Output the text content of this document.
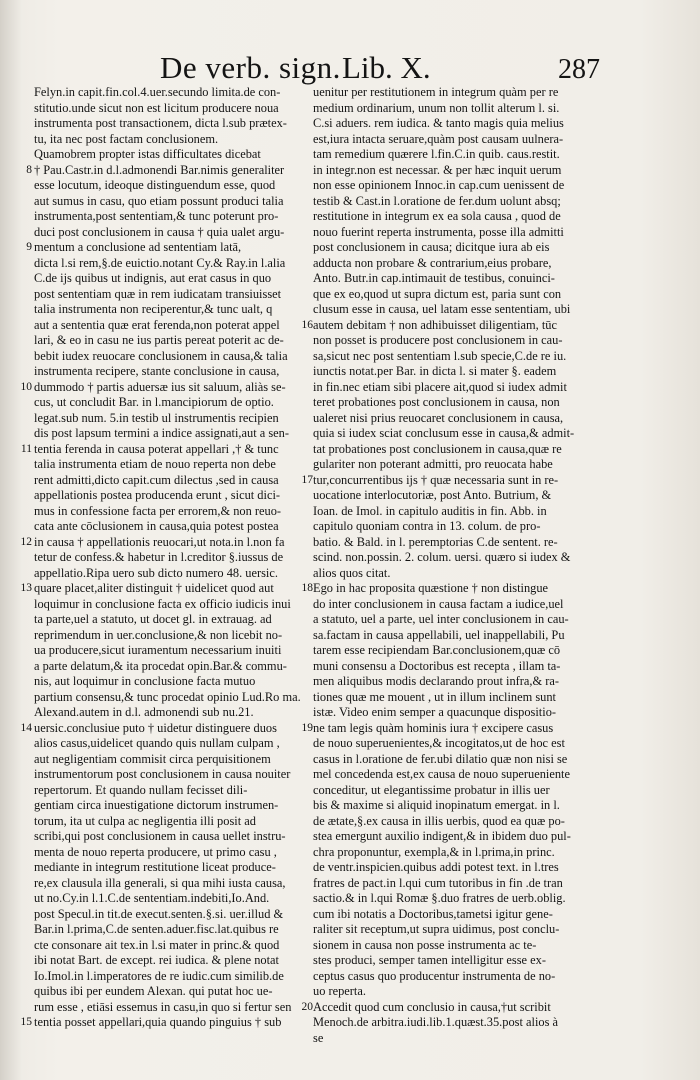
De verb. sign. Lib. X.	287
Felyn.in capit.fin.col.4.uer.secundo limita.de con-
stitutio.unde sicut non est licitum producere noua
instrumenta post transactionem, dicta l.sub prætex-
tu, ita nec post factam conclusionem.
Quamobrem propter istas difficultates dicebat
8 † Pau.Castr.in d.l.admonendi Bar.nimis generaliter
esse locutum, ideoque distinguendum esse, quod
aut sumus in casu, quo etiam possunt produci talia
instrumenta,post sententiam,& tunc poterunt pro-
duci post conclusionem in causa † quia ualet argu-
9 mentum a conclusione ad sententiam latā,
dicta l.si rem,§.de euictio.notant Cy.& Ray.in l.alia
C.de ijs quibus ut indignis, aut erat casus in quo
post sententiam quæ in rem iudicatam transiuisset
talia instrumenta non reciperentur,& tunc ualt, q
aut a sententia quæ erat ferenda,non poterat appel
lari, & eo in casu ne ius partis pereat poterit ac de-
bebit iudex reuocare conclusionem in causa,& talia
instrumenta recipere, stante conclusione in causa,
10 dummodo † partis aduersæ ius sit saluum, aliàs se-
cus, ut concludit Bar. in l.mancipiorum de optio.
legat.sub num. 5.in testib ul instrumentis recipien
dis post lapsum termini a indice assignati,aut a sen-
11 tentia ferenda in causa poterat appellari ,† & tunc
talia instrumenta etiam de nouo reperta non debe
rent admitti,dicto capit.cum dilectus ,sed in causa
appellationis postea producenda erunt , sicut dici-
mus in confessione facta per errorem,& non reuo-
cata ante cōclusionem in causa,quia potest postea
12 in causa † appellationis reuocari,ut nota.in l.non fa
tetur de confess.& habetur in l.creditor §.iussus de
appellatio.Ripa uero sub dicto numero 48. uersic.
13 quare placet,aliter distinguit † uidelicet quod aut
loquimur in conclusione facta ex officio iudicis inui
ta parte,uel a statuto, ut docet gl. in extrauag. ad
reprimendum in uer.conclusione,& non licebit no-
ua producere,sicut iuramentum necessarium inuiti
a parte delatum,& ita procedat opin.Bar.& commu-
nis, aut loquimur in conclusione facta mutuo
partium consensu,& tunc procedat opinio Lud.Ro ma.
Alexand.autem in d.l. admonendi sub nu.21.
14 uersic.conclusiue puto † uidetur distinguere duos
alios casus,uidelicet quando quis nullam culpam ,
aut negligentiam commisit circa perquisitionem
instrumentorum post conclusionem in causa nouiter
repertorum. Et quando nullam fecisset dili-
gentiam circa inuestigatione dictorum instrumen-
torum, ita ut culpa ac negligentia illi posit ad
scribi,qui post conclusionem in causa uellet instru-
menta de nouo reperta producere, ut primo casu ,
mediante in integrum restitutione liceat produce-
re,ex clausula illa generali, si qua mihi iusta causa,
ut no.Cy.in l.1.C.de sententiam.indebiti,Io.And.
post Specul.in tit.de execut.senten.§.si. uer.illud &
Bar.in l.prima,C.de senten.aduer.fisc.lat.quibus re
cte consonare ait tex.in l.si mater in princ.& quod
ibi notat Bart. de except. rei iudica. & plene notat
Io.Imol.in l.imperatores de re iudic.cum similib.de
quibus ibi per eundem Alexan. qui putat hoc ue-
rum esse , etiāsi essemus in casu,in quo si fertur sen
15 tentia posset appellari,quia quando pinguius † sub
uenitur per restitutionem in integrum quàm per re
medium ordinarium, unum non tollit alterum l. si.
C.si aduers. rem iudica. & tanto magis quia melius
est,iura intacta seruare,quàm post causam uulnera-
tam remedium quærere l.fin.C.in quib. caus.restit.
in integr.non est necessar. & per hæc inquit uerum
non esse opinionem Innoc.in cap.cum uenissent de
testib & Cast.in l.oratione de fer.dum uolunt absq;
restitutione in integrum ex ea sola causa , quod de
nouo fuerint reperta instrumenta, posse illa admitti
post conclusionem in causa; dicitque iura ab eis
adducta non probare & contrarium,eius probare,
Anto. Butr.in cap.intimauit de testibus, conuinci-
que ex eo,quod ut supra dictum est, paria sunt con
clusum esse in causa, uel latam esse sententiam, ubi
16 autem debitam † non adhibuisset diligentiam, tūc
non posset is producere post conclusionem in cau-
sa,sicut nec post sententiam l.sub specie,C.de re iu.
iunctis notat.per Bar. in dicta l. si mater §. eadem
in fin.nec etiam sibi placere ait,quod si iudex admit
teret probationes post conclusionem in causa, non
ualeret nisi prius reuocaret conclusionem in causa,
quia si iudex sciat conclusum esse in causa,& admit-
tat probationes post conclusionem in causa,quæ re
gulariter non poterant admitti, pro reuocata habe
17 tur,concurrentibus ijs † quæ necessaria sunt in re-
uocatione interlocutoriæ, post Anto. Butrium, &
Ioan. de Imol. in capitulo auditis in fin. Abb. in
capitulo quoniam contra in 13. colum. de pro-
batio. & Bald. in l. peremptorias C.de sentent. re-
scind. non.possin. 2. colum. uersi. quæro si iudex &
alios quos citat.
18 Ego in hac proposita quæstione † non distingue
do inter conclusionem in causa factam a iudice,uel
a statuto, uel a parte, uel inter conclusionem in cau-
sa.factam in causa appellabili, uel inappellabili, Pu
tarem esse recipiendam Bar.conclusionem,quæ cō
muni consensu a Doctoribus est recepta , illam ta-
men aliquibus modis declarando prout infra,& ra-
tiones quæ me mouent , ut in illum inclinem sunt
istæ. Video enim semper a quacunque dispositio-
19 ne tam legis quàm hominis iura † excipere casus
de nouo superuenientes,& incogitatos,ut de hoc est
casus in l.oratione de fer.ubi dilatio quæ non nisi se
mel concedenda est,ex causa de nouo superueniente
conceditur, ut elegantissime probatur in illis uer
bis & maxime si aliquid inopinatum emergat. in l.
de ætate,§.ex causa in illis uerbis, quod ea quæ po-
stea emergunt auxilio indigent,& in ibidem duo pul-
chra proponuntur, exempla,& in l.prima,in princ.
de ventr.inspicien.quibus addi potest text. in l.tres
fratres de pact.in l.qui cum tutoribus in fin .de tran
sactio.& in l.qui Romæ §.duo fratres de uerb.oblig.
cum ibi notatis a Doctoribus,tametsi igitur gene-
raliter sit receptum,ut supra uidimus, post conclu-
sionem in causa non posse instrumenta ac te-
stes produci, semper tamen intelligitur esse ex-
ceptus casus quo producentur instrumenta de no-
uo reperta.
20 Accedit quod cum conclusio in causa,†ut scribit
Menoch.de arbitra.iudi.lib.1.quæst.35.post alios à
se
